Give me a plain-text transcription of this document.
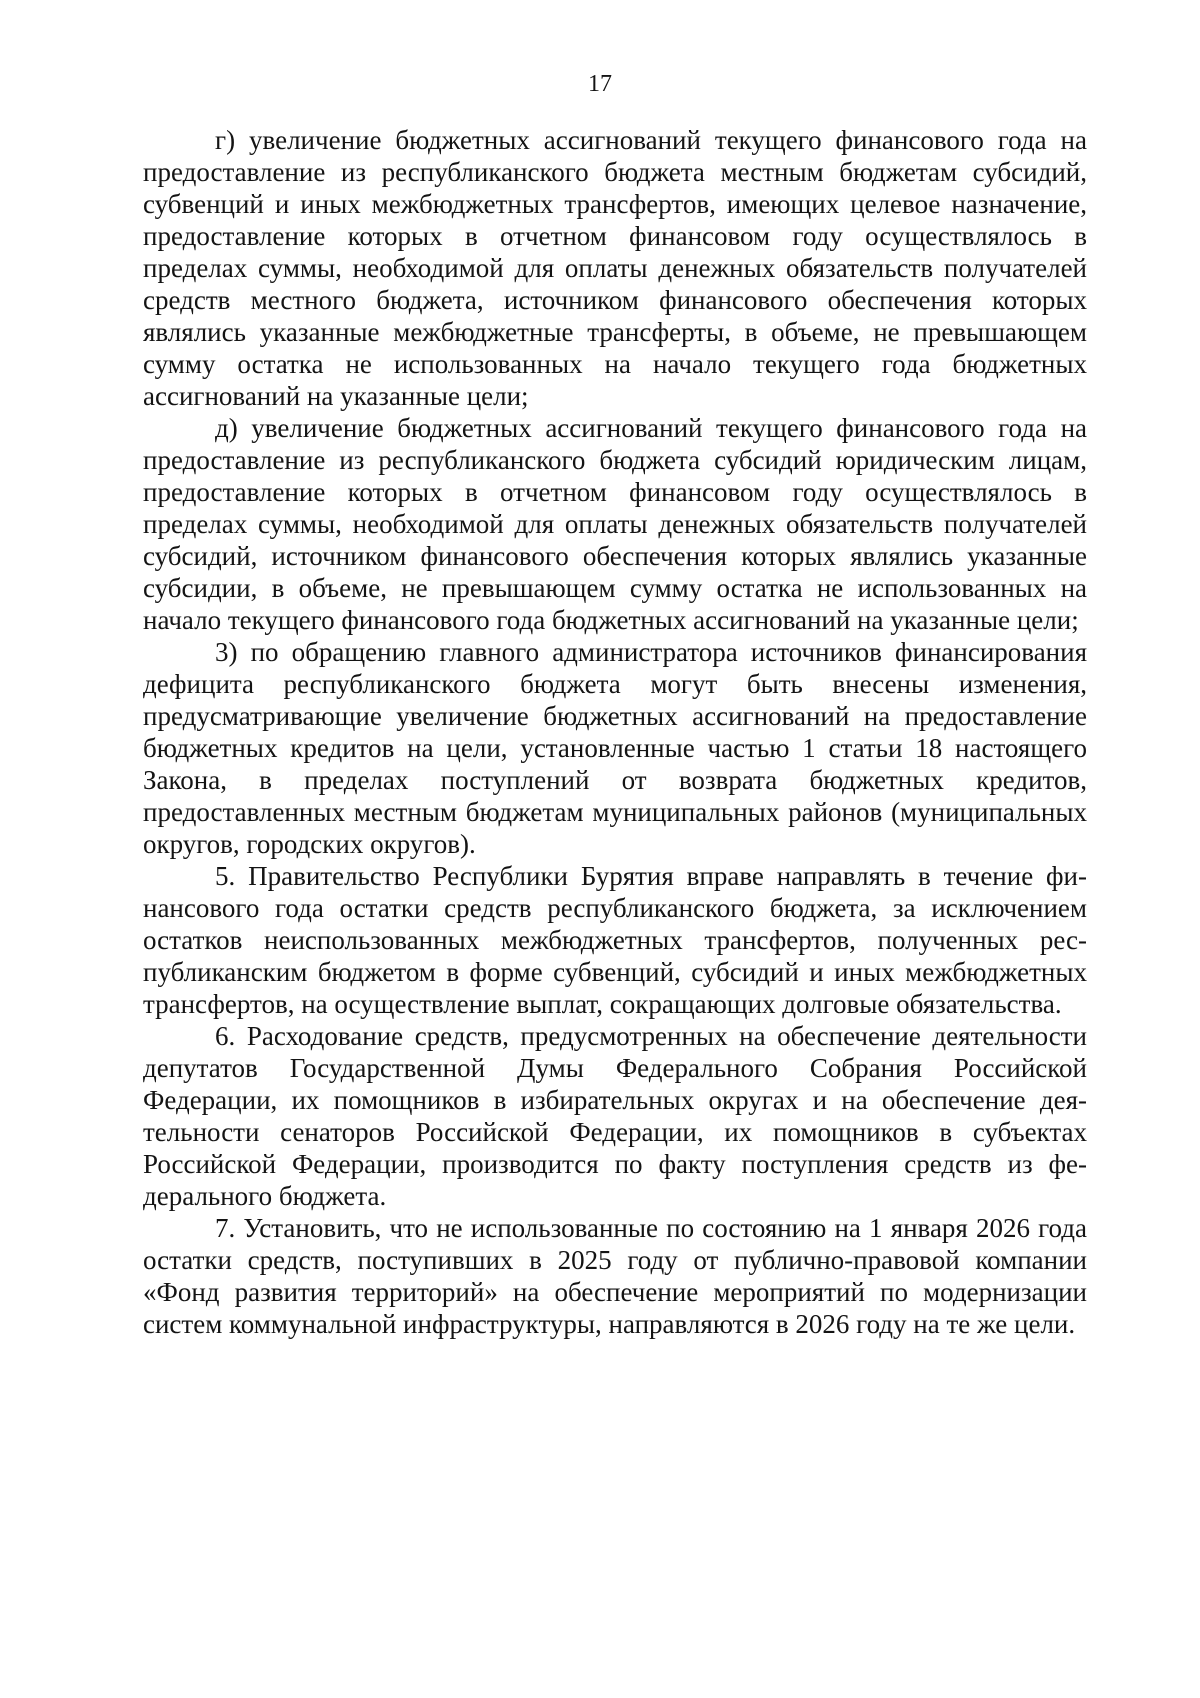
17

г) увеличение бюджетных ассигнований текущего финансового года на предоставление из республиканского бюджета местным бюджетам субсидий, субвенций и иных межбюджетных трансфертов, имеющих целевое назначение, предоставление которых в отчетном финансовом году осуществлялось в пределах суммы, необходимой для оплаты денежных обязательств получателей средств местного бюджета, источником финансового обеспечения которых являлись указанные межбюджетные трансферты, в объеме, не превышающем сумму остатка не использованных на начало текущего года бюджетных ассигнований на указанные цели;

д) увеличение бюджетных ассигнований текущего финансового года на предоставление из республиканского бюджета субсидий юридическим лицам, предоставление которых в отчетном финансовом году осуществлялось в пределах суммы, необходимой для оплаты денежных обязательств получателей субсидий, источником финансового обеспечения которых являлись указанные субсидии, в объеме, не превышающем сумму остатка не использованных на начало текущего финансового года бюджетных ассигнований на указанные цели;

3) по обращению главного администратора источников финансирования дефицита республиканского бюджета могут быть внесены изменения, предусматривающие увеличение бюджетных ассигнований на предоставление бюджетных кредитов на цели, установленные частью 1 статьи 18 настоящего Закона, в пределах поступлений от возврата бюджетных кредитов, предоставленных местным бюджетам муниципальных районов (муниципальных округов, городских округов).

5. Правительство Республики Бурятия вправе направлять в течение финансового года остатки средств республиканского бюджета, за исключением остатков неиспользованных межбюджетных трансфертов, полученных республиканским бюджетом в форме субвенций, субсидий и иных межбюджетных трансфертов, на осуществление выплат, сокращающих долговые обязательства.

6. Расходование средств, предусмотренных на обеспечение деятельности депутатов Государственной Думы Федерального Собрания Российской Федерации, их помощников в избирательных округах и на обеспечение деятельности сенаторов Российской Федерации, их помощников в субъектах Российской Федерации, производится по факту поступления средств из федерального бюджета.

7. Установить, что не использованные по состоянию на 1 января 2026 года остатки средств, поступивших в 2025 году от публично-правовой компании «Фонд развития территорий» на обеспечение мероприятий по модернизации систем коммунальной инфраструктуры, направляются в 2026 году на те же цели.
